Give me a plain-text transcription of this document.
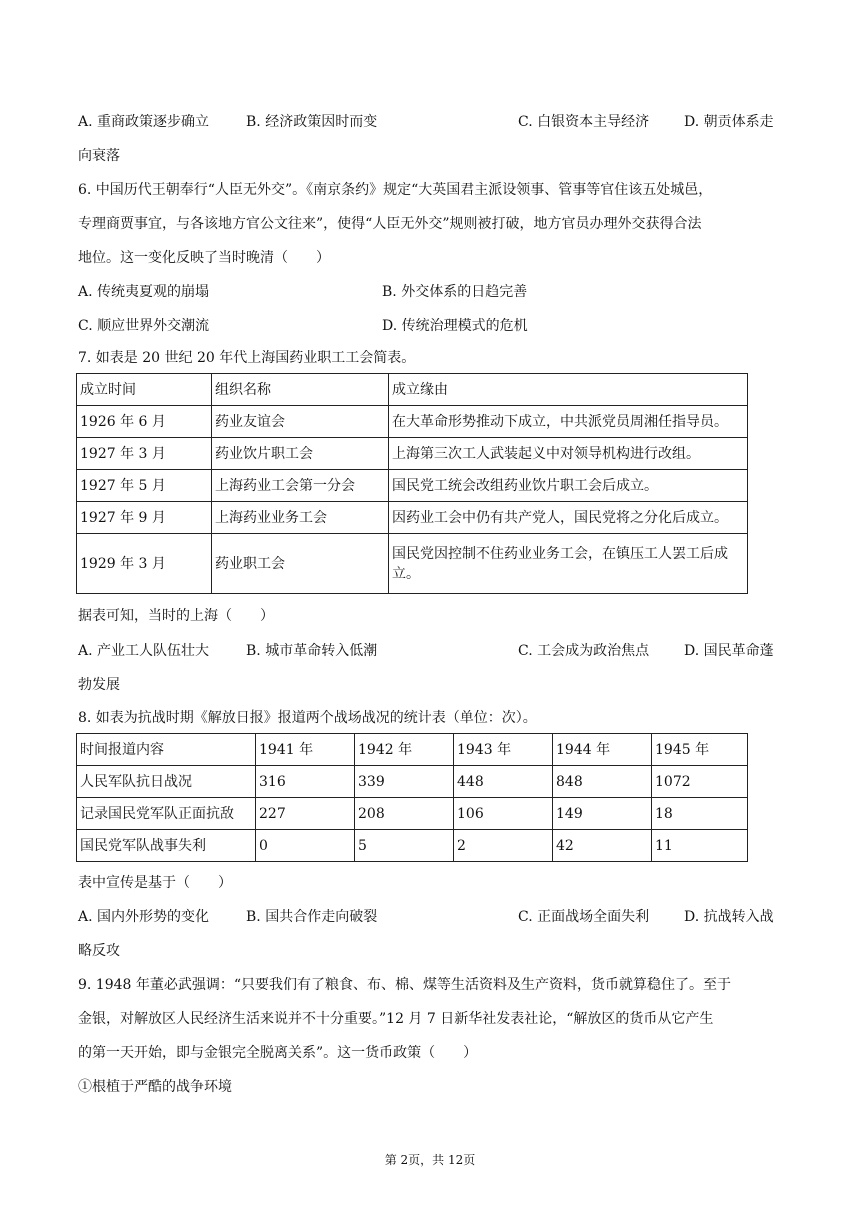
A. 重商政策逐步确立	B. 经济政策因时而变	C. 白银资本主导经济 D. 朝贡体系走
向衰落
6. 中国历代王朝奉行“人臣无外交”。《南京条约》规定“大英国君主派设领事、管事等官住该五处城邑，
专理商贾事宜，与各该地方官公文往来”，使得“人臣无外交”规则被打破，地方官员办理外交获得合法
地位。这一变化反映了当时晚清（　　）
A. 传统夷夏观的崩塌	B. 外交体系的日趋完善
C. 顺应世界外交潮流	D. 传统治理模式的危机
7. 如表是 20 世纪 20 年代上海国药业职工工会简表。
成立时间	组织名称	成立缘由
1926 年 6 月	药业友谊会	在大革命形势推动下成立，中共派党员周湘任指导员。
1927 年 3 月	药业饮片职工会	上海第三次工人武装起义中对领导机构进行改组。
1927 年 5 月	上海药业工会第一分会	国民党工统会改组药业饮片职工会后成立。
1927 年 9 月	上海药业业务工会	因药业工会中仍有共产党人，国民党将之分化后成立。
1929 年 3 月	药业职工会	国民党因控制不住药业业务工会，在镇压工人罢工后成立。
据表可知，当时的上海（　　）
A. 产业工人队伍壮大	B. 城市革命转入低潮	C. 工会成为政治焦点 D. 国民革命蓬
勃发展
8. 如表为抗战时期《解放日报》报道两个战场战况的统计表（单位：次）。
时间报道内容	1941 年	1942 年	1943 年	1944 年	1945 年
人民军队抗日战况	316	339	448	848	1072
记录国民党军队正面抗敌	227	208	106	149	18
国民党军队战事失利	0	5	2	42	11
表中宣传是基于（　　）
A. 国内外形势的变化	B. 国共合作走向破裂	C. 正面战场全面失利 D. 抗战转入战
略反攻
9. 1948 年董必武强调：“只要我们有了粮食、布、棉、煤等生活资料及生产资料，货币就算稳住了。至于
金银，对解放区人民经济生活来说并不十分重要。”12 月 7 日新华社发表社论，“解放区的货币从它产生
的第一天开始，即与金银完全脱离关系”。这一货币政策（　　）
①根植于严酷的战争环境
第 2页，共 12页
